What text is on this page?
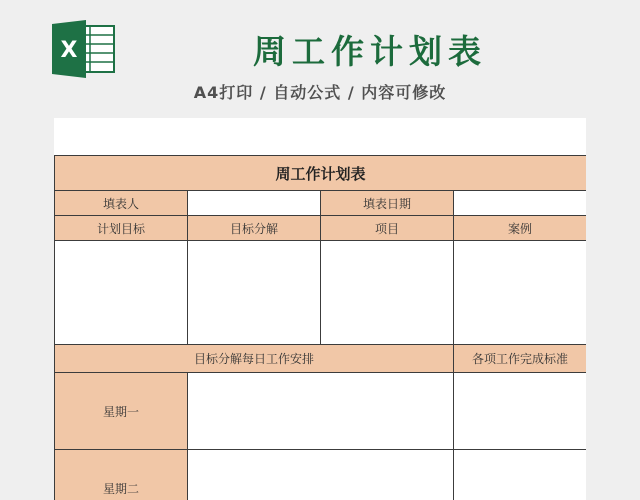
X	周工作计划表
A4打印 / 自动公式 / 内容可修改
周工作计划表			
填表人		填表日期	
计划目标	目标分解	项目	案例

目标分解每日工作安排			各项工作完成标准
星期一			
星期二			
